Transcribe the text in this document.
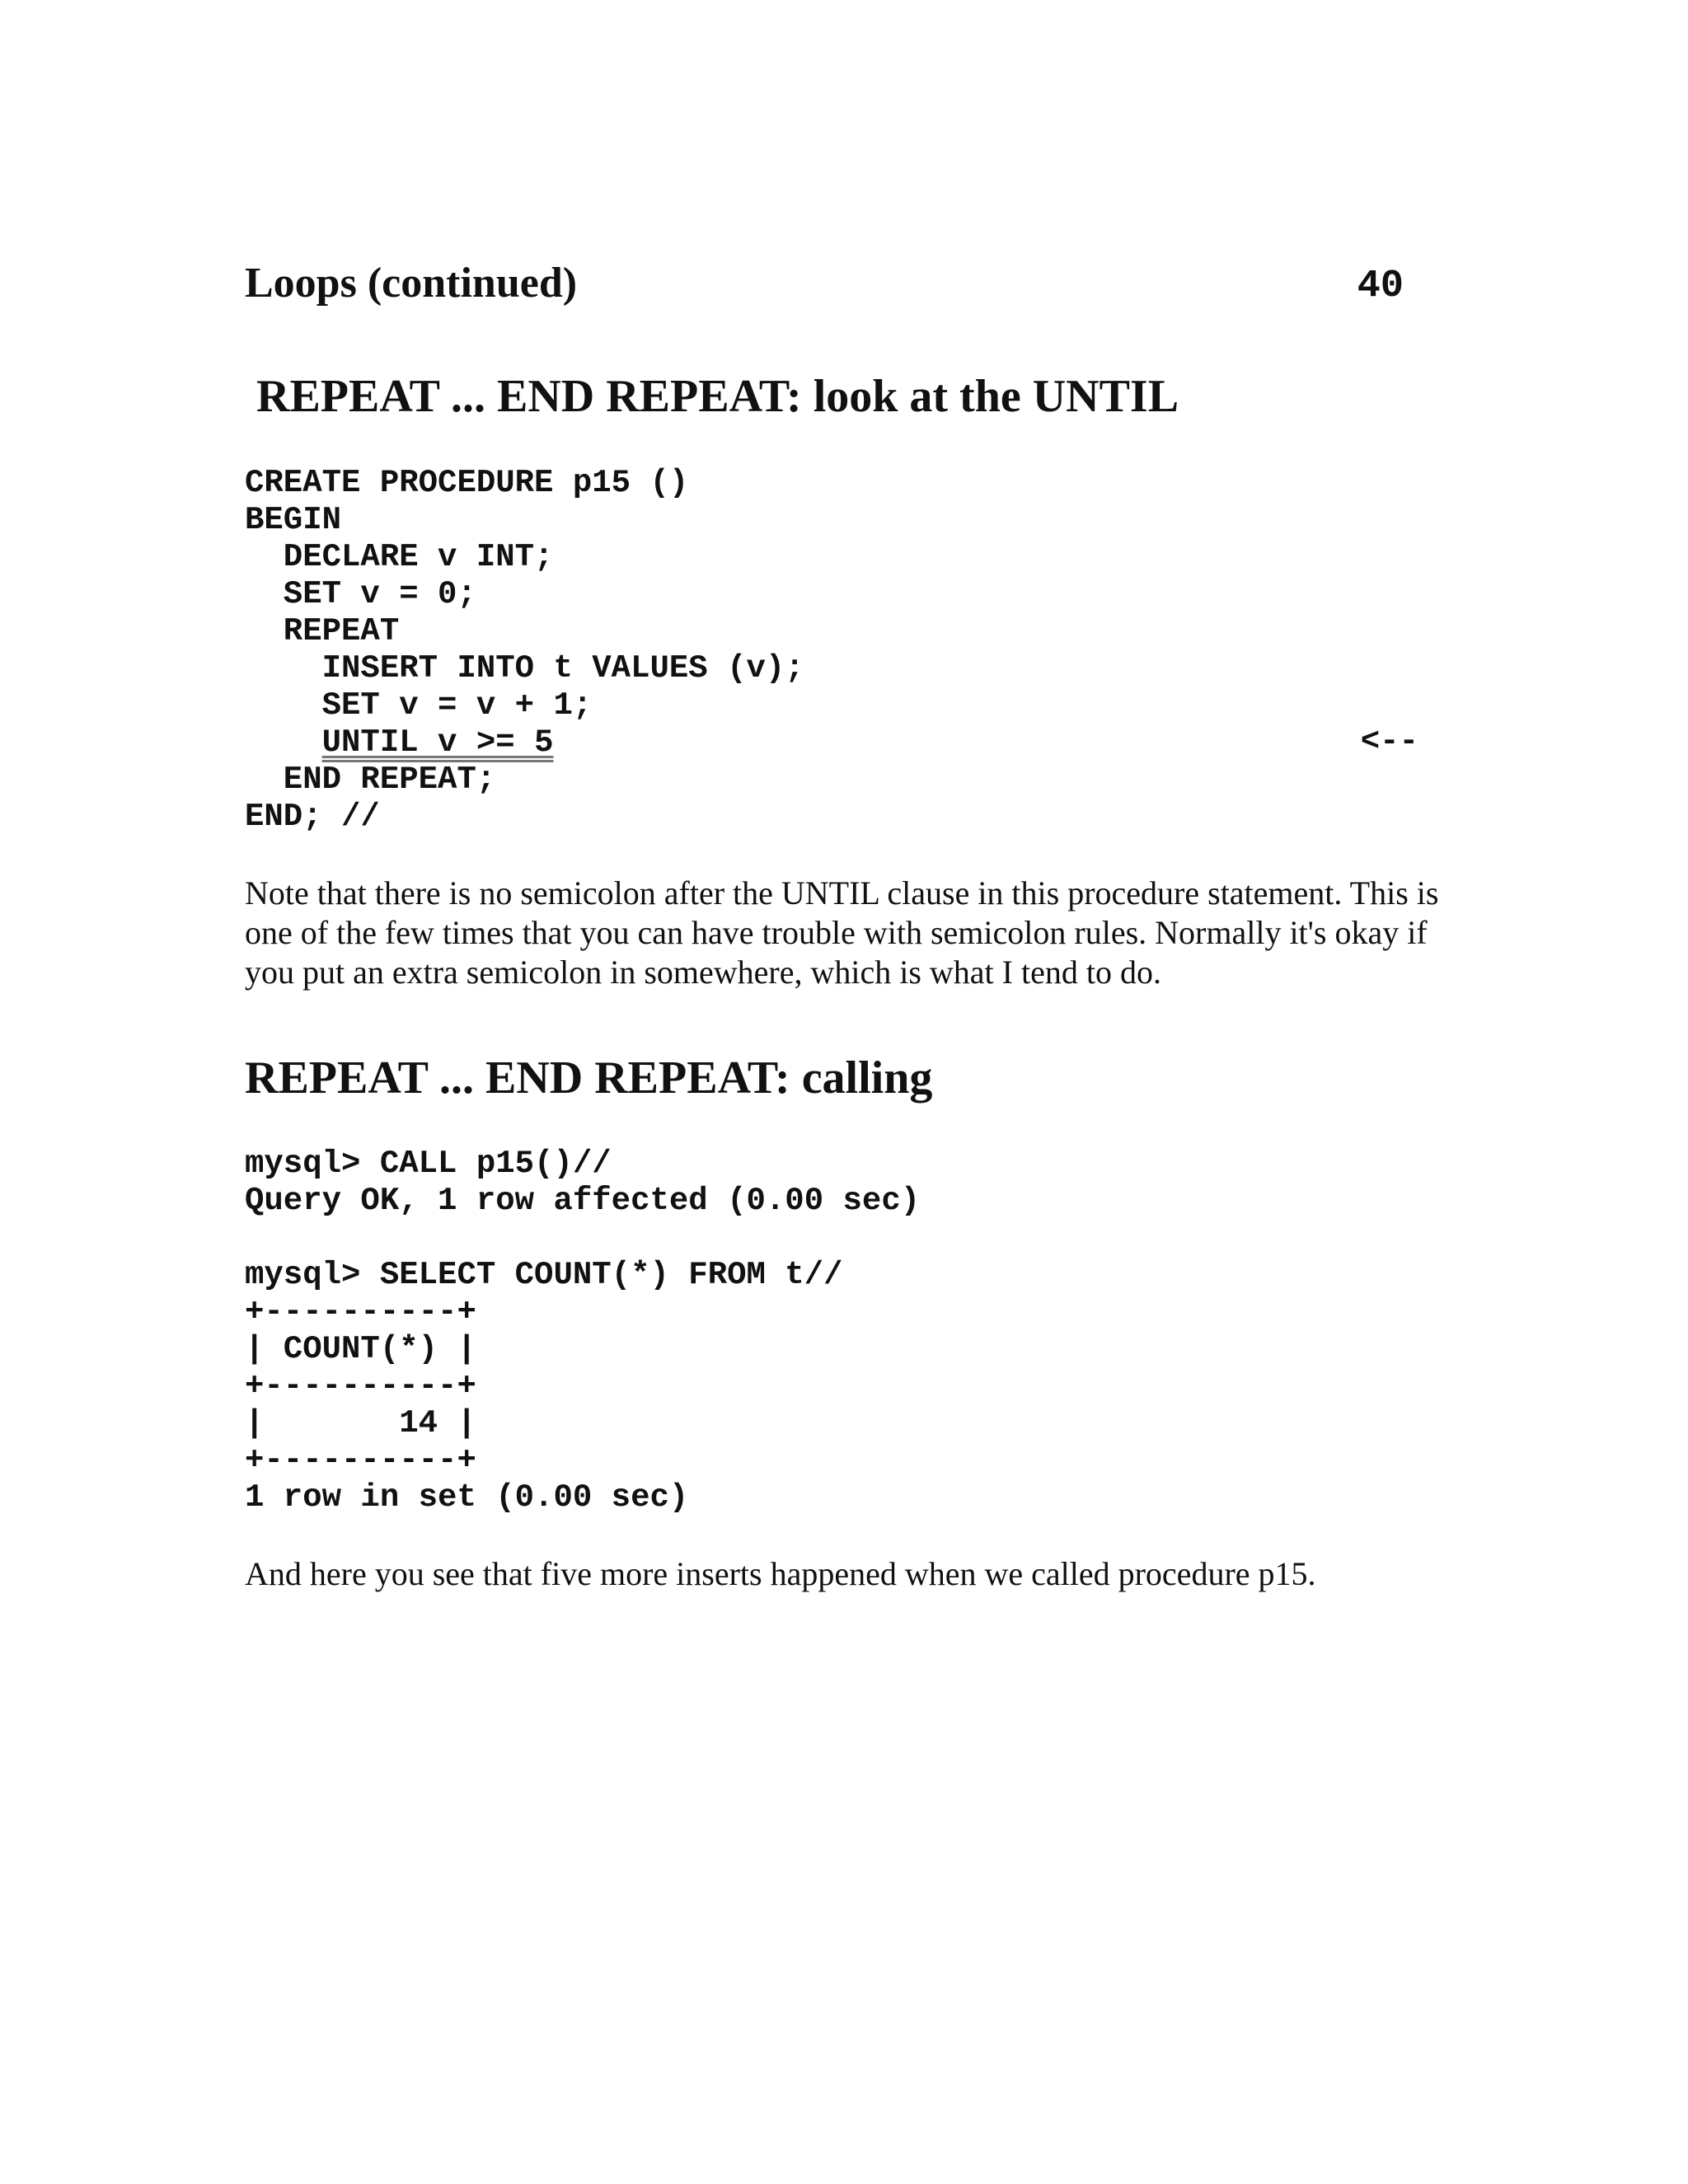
Loops (continued)	40
REPEAT ... END REPEAT: look at the UNTIL
CREATE PROCEDURE p15 ()
BEGIN
DECLARE v INT;
SET v = 0;
REPEAT
INSERT INTO t VALUES (v);
SET v = v + 1;
UNTIL v >= 5
END REPEAT;
END; //
<--

Note that there is no semicolon after the UNTIL clause in this procedure statement. This is one of the few times that you can have trouble with semicolon rules. Normally it's okay if you put an extra semicolon in somewhere, which is what I tend to do.

REPEAT ... END REPEAT: calling
mysql> CALL p15()//
Query OK, 1 row affected (0.00 sec)
mysql> SELECT COUNT(*) FROM t//
+----------+
| COUNT(*) |
+----------+
|       14 |
+----------+
1 row in set (0.00 sec)

And here you see that five more inserts happened when we called procedure p15.
